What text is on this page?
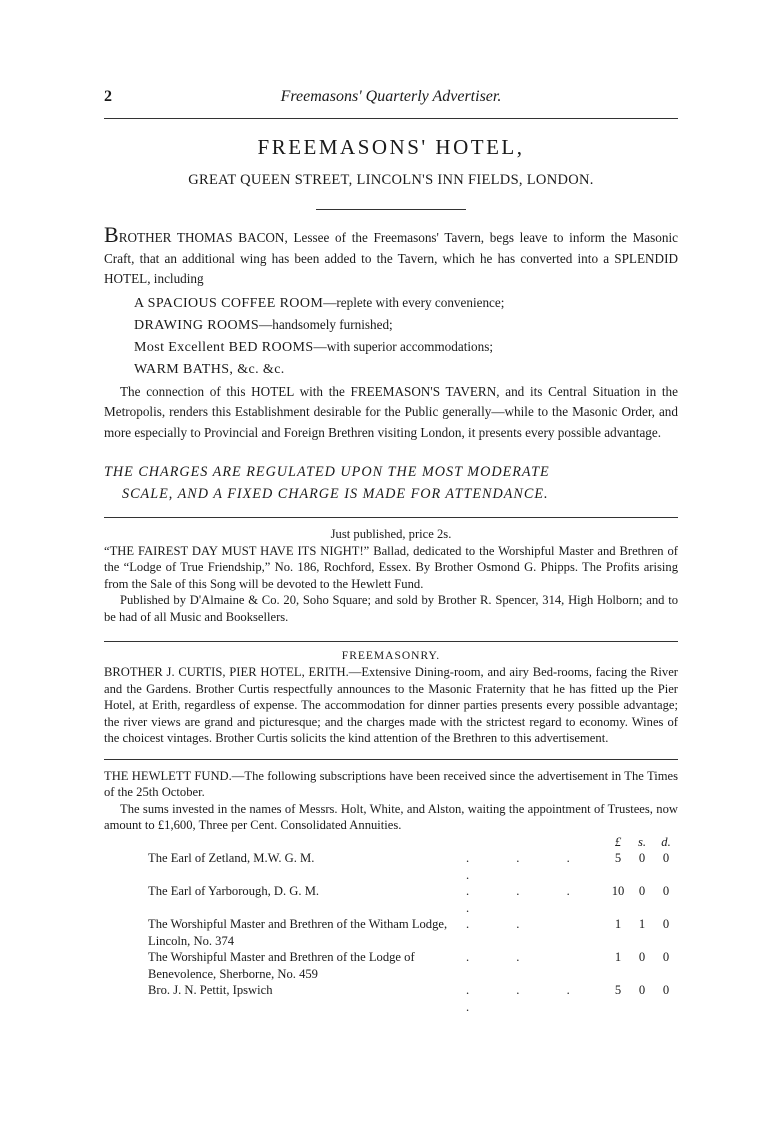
2	Freemasons' Quarterly Advertiser.
FREEMASONS' HOTEL,
GREAT QUEEN STREET, LINCOLN'S INN FIELDS, LONDON.

BROTHER THOMAS BACON, Lessee of the Freemasons' Tavern, begs leave to inform the Masonic Craft, that an additional wing has been added to the Tavern, which he has converted into a SPLENDID HOTEL, including

A SPACIOUS COFFEE ROOM—replete with every convenience;
DRAWING ROOMS—handsomely furnished;
Most Excellent BED ROOMS—with superior accommodations;
WARM BATHS, &c. &c.

The connection of this HOTEL with the FREEMASON'S TAVERN, and its Central Situation in the Metropolis, renders this Establishment desirable for the Public generally—while to the Masonic Order, and more especially to Provincial and Foreign Brethren visiting London, it presents every possible advantage.

THE CHARGES ARE REGULATED UPON THE MOST MODERATE
SCALE, AND A FIXED CHARGE IS MADE FOR ATTENDANCE.

Just published, price 2s.

“THE FAIREST DAY MUST HAVE ITS NIGHT!” Ballad, dedicated to the Worshipful Master and Brethren of the “Lodge of True Friendship,” No. 186, Rochford, Essex. By Brother Osmond G. Phipps. The Profits arising from the Sale of this Song will be devoted to the Hewlett Fund.

Published by D'Almaine & Co. 20, Soho Square; and sold by Brother R. Spencer, 314, High Holborn; and to be had of all Music and Booksellers.

FREEMASONRY.

BROTHER J. CURTIS, PIER HOTEL, ERITH.—Extensive Dining-room, and airy Bed-rooms, facing the River and the Gardens. Brother Curtis respectfully announces to the Masonic Fraternity that he has fitted up the Pier Hotel, at Erith, regardless of expense. The accommodation for dinner parties presents every possible advantage; the river views are grand and picturesque; and the charges made with the strictest regard to economy. Wines of the choicest vintages. Brother Curtis solicits the kind attention of the Brethren to this advertisement.

THE HEWLETT FUND.—The following subscriptions have been received since the advertisement in The Times of the 25th October.

The sums invested in the names of Messrs. Holt, White, and Alston, waiting the appointment of Trustees, now amount to £1,600, Three per Cent. Consolidated Annuities.

		£	s.	d.
The Earl of Zetland, M.W. G. M.	. . . .	5	0	0
The Earl of Yarborough, D. G. M.	. . . .	10	0	0
The Worshipful Master and Brethren of the Witham Lodge, Lincoln, No. 374	. .	1	1	0
The Worshipful Master and Brethren of the Lodge of Benevolence, Sherborne, No. 459	. .	1	0	0
Bro. J. N. Pettit, Ipswich	. . . .	5	0	0
